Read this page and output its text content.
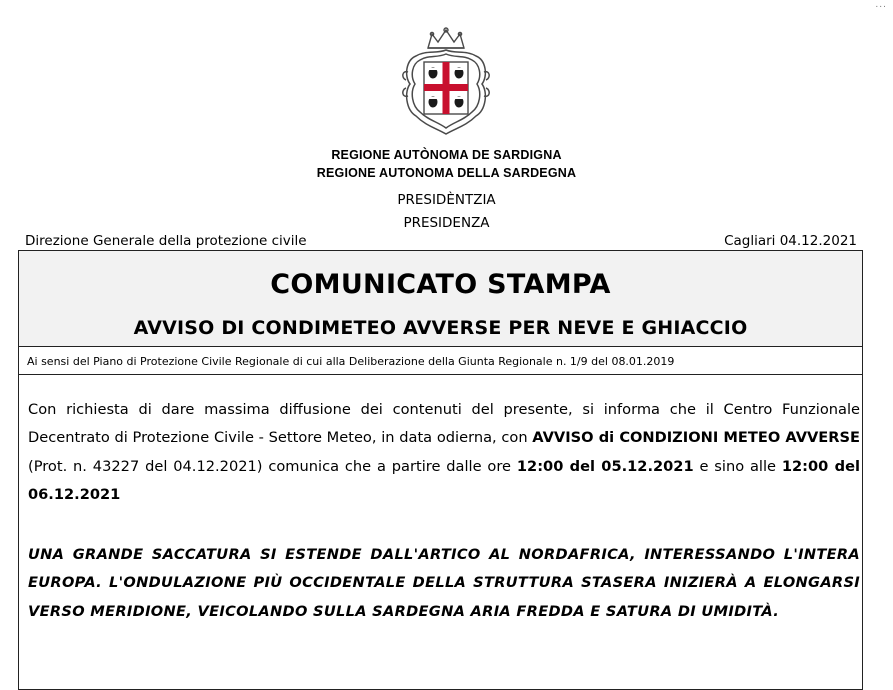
...
REGIONE AUTÒNOMA DE SARDIGNA
REGIONE AUTONOMA DELLA SARDEGNA
PRESIDÈNTZIA
PRESIDENZA
Direzione Generale della protezione civile	Cagliari 04.12.2021
COMUNICATO STAMPA
AVVISO DI CONDIMETEO AVVERSE PER NEVE E GHIACCIO
Ai sensi del Piano di Protezione Civile Regionale di cui alla Deliberazione della Giunta Regionale n. 1/9 del 08.01.2019
Con richiesta di dare massima diffusione dei contenuti del presente, si informa che il Centro Funzionale Decentrato di Protezione Civile - Settore Meteo, in data odierna, con AVVISO di CONDIZIONI METEO AVVERSE (Prot. n. 43227 del 04.12.2021) comunica che a partire dalle ore 12:00 del 05.12.2021 e sino alle 12:00 del 06.12.2021
UNA GRANDE SACCATURA SI ESTENDE DALL'ARTICO AL NORDAFRICA, INTERESSANDO L'INTERA EUROPA. L'ONDULAZIONE PIÙ OCCIDENTALE DELLA STRUTTURA STASERA INIZIERÀ A ELONGARSI VERSO MERIDIONE, VEICOLANDO SULLA SARDEGNA ARIA FREDDA E SATURA DI UMIDITÀ.
